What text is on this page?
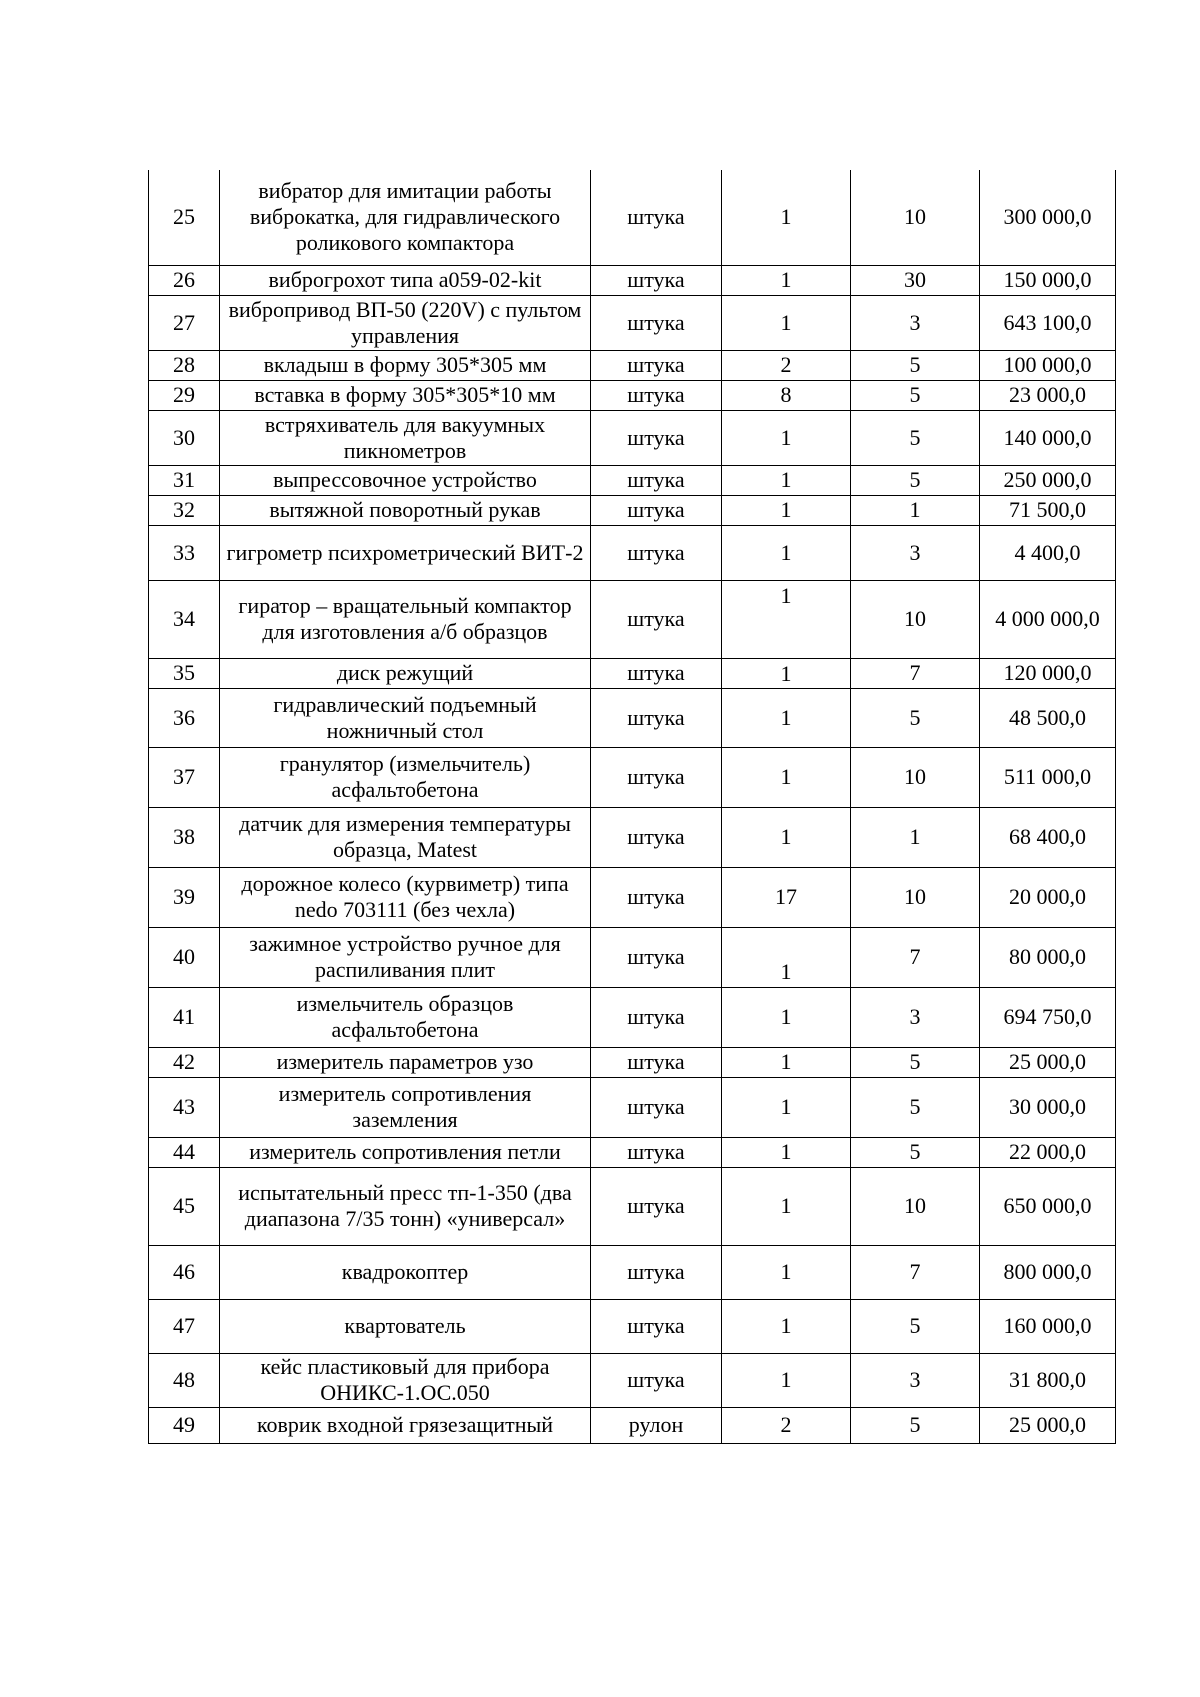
25	вибратор для имитации работы виброкатка, для гидравлического роликового компактора	штука	1	10	300 000,0
26	виброгрохот типа a059-02-kit	штука	1	30	150 000,0
27	вибропривод ВП-50 (220V) с пультом управления	штука	1	3	643 100,0
28	вкладыш в форму 305*305 мм	штука	2	5	100 000,0
29	вставка в форму 305*305*10 мм	штука	8	5	23 000,0
30	встряхиватель для вакуумных пикнометров	штука	1	5	140 000,0
31	выпрессовочное устройство	штука	1	5	250 000,0
32	вытяжной поворотный рукав	штука	1	1	71 500,0
33	гигрометр психрометрический ВИТ-2	штука	1	3	4 400,0
34	гиратор – вращательный компактор для изготовления а/б образцов	штука	1	10	4 000 000,0
35	диск режущий	штука	1	7	120 000,0
36	гидравлический подъемный ножничный стол	штука	1	5	48 500,0
37	гранулятор (измельчитель) асфальтобетона	штука	1	10	511 000,0
38	датчик для измерения температуры образца, Matest	штука	1	1	68 400,0
39	дорожное колесо (курвиметр) типа nedo 703111 (без чехла)	штука	17	10	20 000,0
40	зажимное устройство ручное для распиливания плит	штука	1	7	80 000,0
41	измельчитель образцов асфальтобетона	штука	1	3	694 750,0
42	измеритель параметров узо	штука	1	5	25 000,0
43	измеритель сопротивления заземления	штука	1	5	30 000,0
44	измеритель сопротивления петли	штука	1	5	22 000,0
45	испытательный пресс тп-1-350 (два диапазона 7/35 тонн) «универсал»	штука	1	10	650 000,0
46	квадрокоптер	штука	1	7	800 000,0
47	квартователь	штука	1	5	160 000,0
48	кейс пластиковый для прибора ОНИКС-1.ОС.050	штука	1	3	31 800,0
49	коврик входной грязезащитный	рулон	2	5	25 000,0
